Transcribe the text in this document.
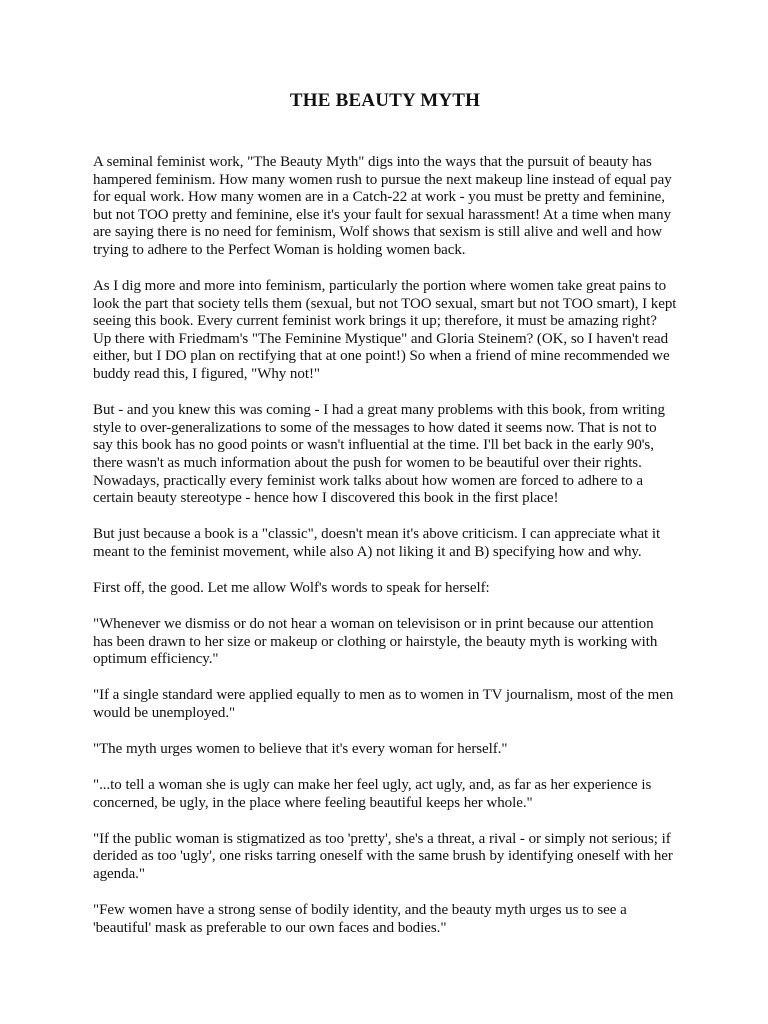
THE BEAUTY MYTH

A seminal feminist work, "The Beauty Myth" digs into the ways that the pursuit of beauty has hampered feminism. How many women rush to pursue the next makeup line instead of equal pay for equal work. How many women are in a Catch-22 at work - you must be pretty and feminine, but not TOO pretty and feminine, else it's your fault for sexual harassment! At a time when many are saying there is no need for feminism, Wolf shows that sexism is still alive and well and how trying to adhere to the Perfect Woman is holding women back.

As I dig more and more into feminism, particularly the portion where women take great pains to look the part that society tells them (sexual, but not TOO sexual, smart but not TOO smart), I kept seeing this book. Every current feminist work brings it up; therefore, it must be amazing right? Up there with Friedmam's "The Feminine Mystique" and Gloria Steinem? (OK, so I haven't read either, but I DO plan on rectifying that at one point!) So when a friend of mine recommended we buddy read this, I figured, "Why not!"

But - and you knew this was coming - I had a great many problems with this book, from writing style to over-generalizations to some of the messages to how dated it seems now. That is not to say this book has no good points or wasn't influential at the time. I'll bet back in the early 90's, there wasn't as much information about the push for women to be beautiful over their rights. Nowadays, practically every feminist work talks about how women are forced to adhere to a certain beauty stereotype - hence how I discovered this book in the first place!

But just because a book is a "classic", doesn't mean it's above criticism. I can appreciate what it meant to the feminist movement, while also A) not liking it and B) specifying how and why.

First off, the good. Let me allow Wolf's words to speak for herself:

"Whenever we dismiss or do not hear a woman on televisison or in print because our attention has been drawn to her size or makeup or clothing or hairstyle, the beauty myth is working with optimum efficiency."

"If a single standard were applied equally to men as to women in TV journalism, most of the men would be unemployed."

"The myth urges women to believe that it's every woman for herself."

"...to tell a woman she is ugly can make her feel ugly, act ugly, and, as far as her experience is concerned, be ugly, in the place where feeling beautiful keeps her whole."

"If the public woman is stigmatized as too 'pretty', she's a threat, a rival - or simply not serious; if derided as too 'ugly', one risks tarring oneself with the same brush by identifying oneself with her agenda."

"Few women have a strong sense of bodily identity, and the beauty myth urges us to see a 'beautiful' mask as preferable to our own faces and bodies."
